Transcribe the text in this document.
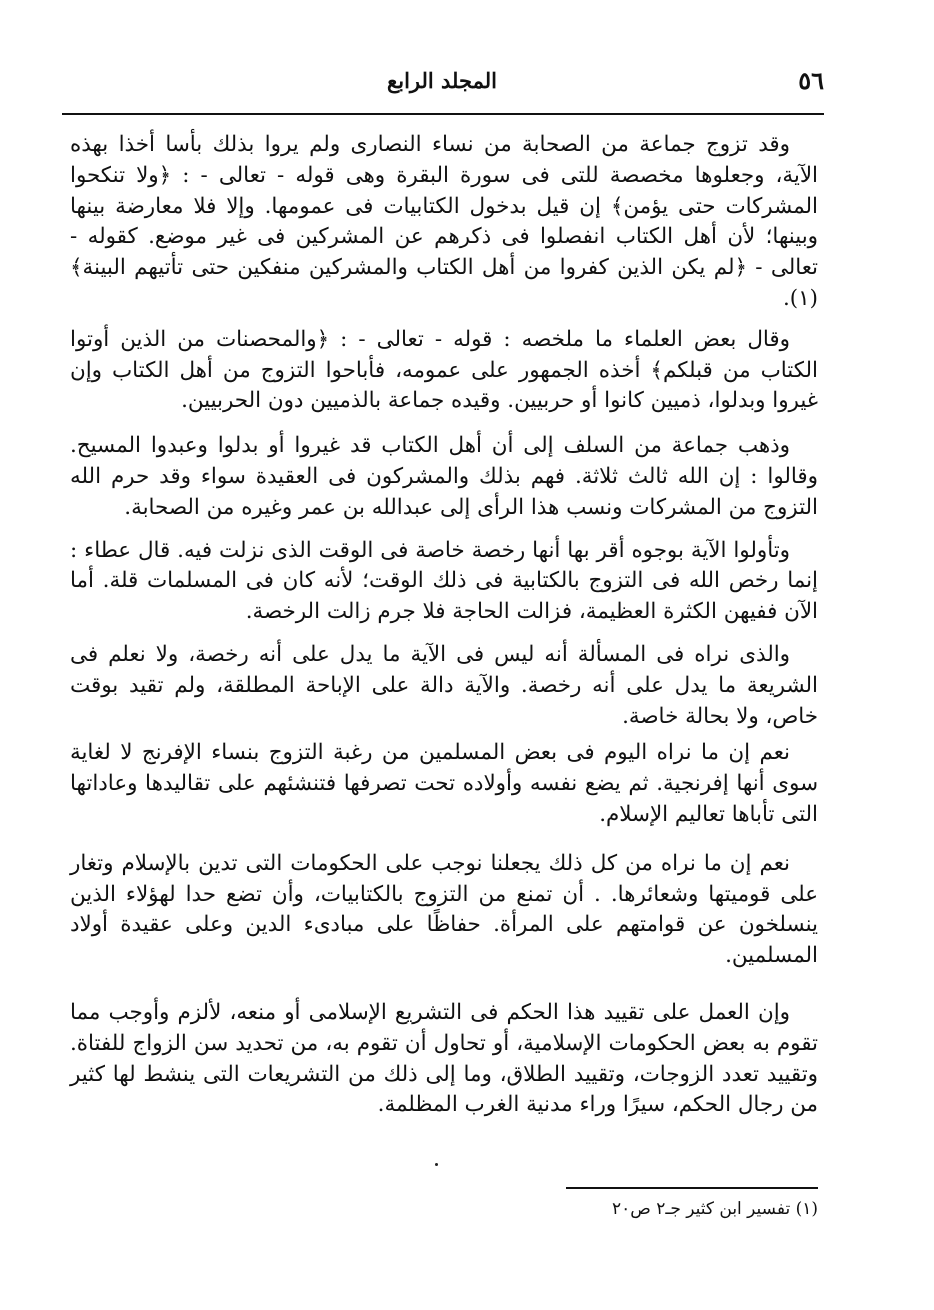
٥٦
المجلد الرابع

وقد تزوج جماعة من الصحابة من نساء النصارى ولم يروا بذلك بأسا أخذا بهذه الآية، وجعلوها مخصصة للتى فى سورة البقرة وهى قوله - تعالى - : ﴿ولا تنكحوا المشركات حتى يؤمن﴾ إن قيل بدخول الكتابيات فى عمومها. وإلا فلا معارضة بينها وبينها؛ لأن أهل الكتاب انفصلوا فى ذكرهم عن المشركين فى غير موضع. كقوله - تعالى - ﴿لم يكن الذين كفروا من أهل الكتاب والمشركين منفكين حتى تأتيهم البينة﴾(١).

وقال بعض العلماء ما ملخصه : قوله - تعالى - : ﴿والمحصنات من الذين أوتوا الكتاب من قبلكم﴾ أخذه الجمهور على عمومه، فأباحوا التزوج من أهل الكتاب وإن غيروا وبدلوا، ذميين كانوا أو حربيين. وقيده جماعة بالذميين دون الحربيين.

وذهب جماعة من السلف إلى أن أهل الكتاب قد غيروا أو بدلوا وعبدوا المسيح. وقالوا : إن الله ثالث ثلاثة. فهم بذلك والمشركون فى العقيدة سواء وقد حرم الله التزوج من المشركات ونسب هذا الرأى إلى عبدالله بن عمر وغيره من الصحابة.

وتأولوا الآية بوجوه أقر بها أنها رخصة خاصة فى الوقت الذى نزلت فيه. قال عطاء : إنما رخص الله فى التزوج بالكتابية فى ذلك الوقت؛ لأنه كان فى المسلمات قلة. أما الآن ففيهن الكثرة العظيمة، فزالت الحاجة فلا جرم زالت الرخصة.

والذى نراه فى المسألة أنه ليس فى الآية ما يدل على أنه رخصة، ولا نعلم فى الشريعة ما يدل على أنه رخصة. والآية دالة على الإباحة المطلقة، ولم تقيد بوقت خاص، ولا بحالة خاصة.

نعم إن ما نراه اليوم فى بعض المسلمين من رغبة التزوج بنساء الإفرنج لا لغاية سوى أنها إفرنجية. ثم يضع نفسه وأولاده تحت تصرفها فتنشئهم على تقاليدها وعاداتها التى تأباها تعاليم الإسلام.

نعم إن ما نراه من كل ذلك يجعلنا نوجب على الحكومات التى تدين بالإسلام وتغار على قوميتها وشعائرها. . أن تمنع من التزوج بالكتابيات، وأن تضع حدا لهؤلاء الذين ينسلخون عن قوامتهم على المرأة. حفاظًا على مبادىء الدين وعلى عقيدة أولاد المسلمين.

وإن العمل على تقييد هذا الحكم فى التشريع الإسلامى أو منعه، لألزم وأوجب مما تقوم به بعض الحكومات الإسلامية، أو تحاول أن تقوم به، من تحديد سن الزواج للفتاة. وتقييد تعدد الزوجات، وتقييد الطلاق، وما إلى ذلك من التشريعات التى ينشط لها كثير من رجال الحكم، سيرًا وراء مدنية الغرب المظلمة.

(١) تفسير ابن كثير جـ٢ ص٢٠
